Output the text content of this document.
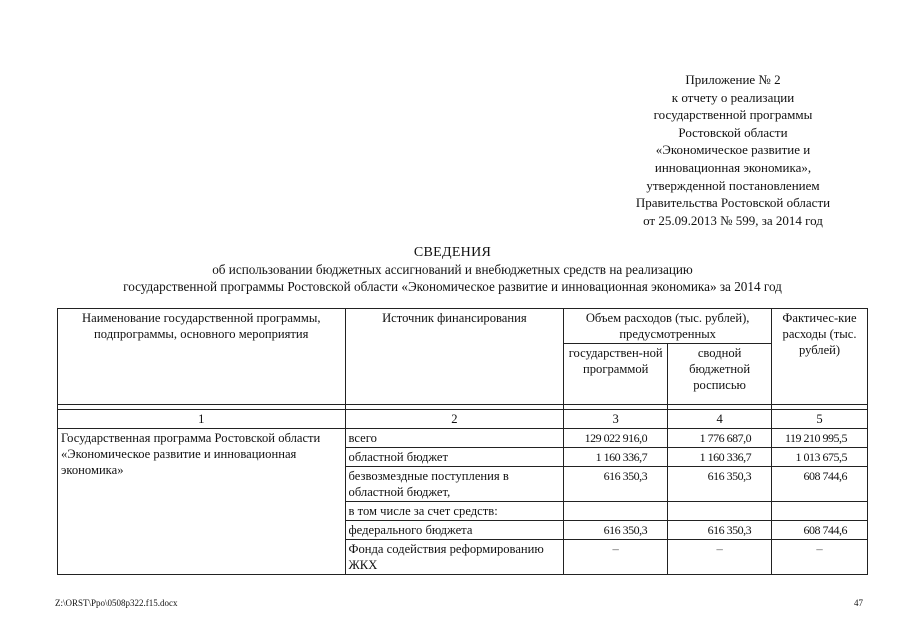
Приложение № 2
к отчету о реализации
государственной программы
Ростовской области
«Экономическое развитие и
инновационная экономика»,
утвержденной постановлением
Правительства Ростовской области
от 25.09.2013 № 599, за 2014 год
СВЕДЕНИЯ
об использовании бюджетных ассигнований и внебюджетных средств на реализацию
государственной программы Ростовской области «Экономическое развитие и инновационная экономика» за 2014 год
Наименование государственной программы, подпрограммы, основного мероприятия	Источник финансирования	Объем расходов (тыс. рублей), предусмотренных		Фактичес-кие расходы (тыс. рублей)
		государствен-ной программой	сводной бюджетной росписью	

1	2	3	4	5
Государственная программа Ростовской области «Экономическое развитие и инновационная экономика»	всего	129 022 916,0	1 776 687,0	119 210 995,5
	областной бюджет	1 160 336,7	1 160 336,7	1 013 675,5
	безвозмездные поступления в областной бюджет,	616 350,3	616 350,3	608 744,6
	в том числе за счет средств:			
	федерального бюджета	616 350,3	616 350,3	608 744,6
	Фонда содействия реформированию ЖКХ	–	–	–
Z:\ORST\Ppo\0508p322.f15.docx	47
